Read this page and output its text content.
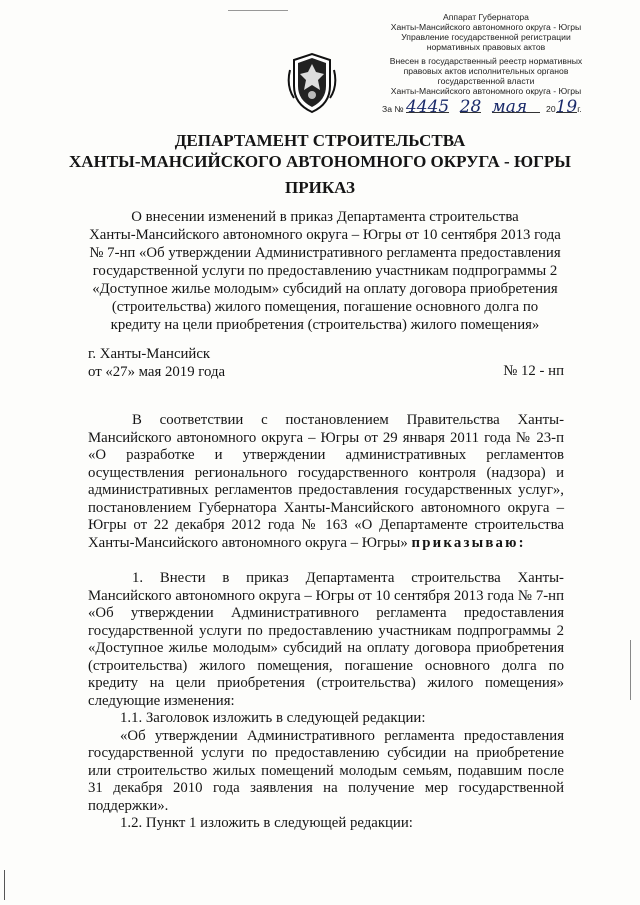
Аппарат Губернатора
Ханты-Мансийского автономного округа - Югры
Управление государственной регистрации
нормативных правовых актов
Внесен в государственный реестр нормативных
правовых актов исполнительных органов
государственной власти
Ханты-Мансийского автономного округа - Югры
За № 4445 28 мая 2019г.
ДЕПАРТАМЕНТ СТРОИТЕЛЬСТВА
ХАНТЫ-МАНСИЙСКОГО АВТОНОМНОГО ОКРУГА - ЮГРЫ
ПРИКАЗ
О внесении изменений в приказ Департамента строительства
Ханты-Мансийского автономного округа – Югры от 10 сентября 2013 года
№ 7-нп «Об утверждении Административного регламента предоставления
государственной услуги по предоставлению участникам подпрограммы 2
«Доступное жилье молодым» субсидий на оплату договора приобретения
(строительства) жилого помещения, погашение основного долга по
кредиту на цели приобретения (строительства) жилого помещения»
г. Ханты-Мансийск
от «27» мая 2019 года	№ 12 - нп

В соответствии с постановлением Правительства Ханты-Мансийского автономного округа – Югры от 29 января 2011 года № 23-п «О разработке и утверждении административных регламентов осуществления регионального государственного контроля (надзора) и административных регламентов предоставления государственных услуг», постановлением Губернатора Ханты-Мансийского автономного округа – Югры от 22 декабря 2012 года № 163 «О Департаменте строительства Ханты-Мансийского автономного округа – Югры» приказываю:

1. Внести в приказ Департамента строительства Ханты-Мансийского автономного округа – Югры от 10 сентября 2013 года № 7-нп «Об утверждении Административного регламента предоставления государственной услуги по предоставлению участникам подпрограммы 2 «Доступное жилье молодым» субсидий на оплату договора приобретения (строительства) жилого помещения, погашение основного долга по кредиту на цели приобретения (строительства) жилого помещения» следующие изменения:

1.1. Заголовок изложить в следующей редакции:

«Об утверждении Административного регламента предоставления государственной услуги по предоставлению субсидии на приобретение или строительство жилых помещений молодым семьям, подавшим после 31 декабря 2010 года заявления на получение мер государственной поддержки».

1.2. Пункт 1 изложить в следующей редакции:
